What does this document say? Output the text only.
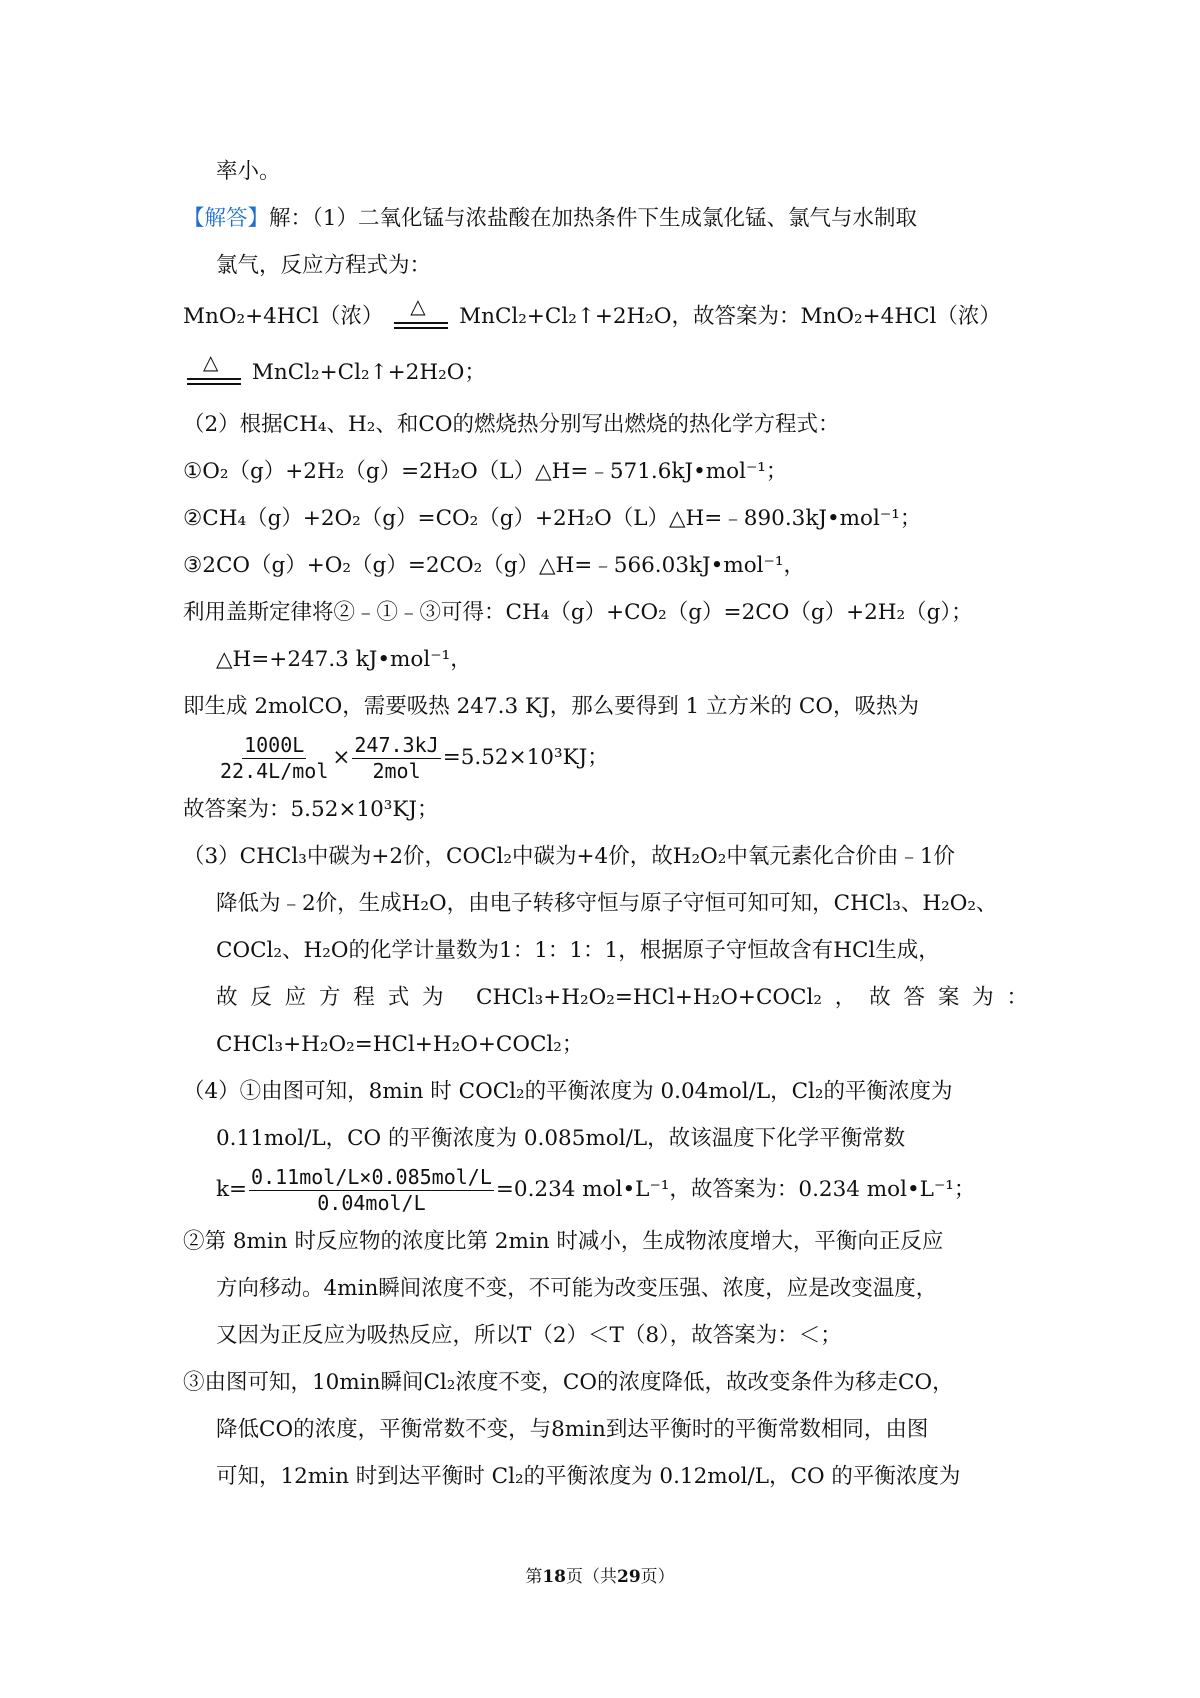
率小。
【解答】解：（1）二氧化锰与浓盐酸在加热条件下生成氯化锰、氯气与水制取
氯气，反应方程式为：
MnO₂+4HCl（浓） △ MnCl₂+Cl₂↑+2H₂O，故答案为：MnO₂+4HCl（浓）
△ MnCl₂+Cl₂↑+2H₂O；
（2）根据CH₄、H₂、和CO的燃烧热分别写出燃烧的热化学方程式：
①O₂（g）+2H₂（g）=2H₂O（L）△H=﹣571.6kJ•mol⁻¹；
②CH₄（g）+2O₂（g）=CO₂（g）+2H₂O（L）△H=﹣890.3kJ•mol⁻¹；
③2CO（g）+O₂（g）=2CO₂（g）△H=﹣566.03kJ•mol⁻¹，
利用盖斯定律将②﹣①﹣③可得：CH₄（g）+CO₂（g）=2CO（g）+2H₂（g）；
△H=+247.3 kJ•mol⁻¹，
即生成 2molCO，需要吸热 247.3 KJ，那么要得到 1 立方米的 CO，吸热为
$\frac{1000L}{\text{22.4L/mol}} \times \frac{247.3kJ}{\text{2mol}} =5.52\times 10^3KJ$；
故答案为：5.52×10³KJ；
（3）CHCl₃中碳为+2价，COCl₂中碳为+4价，故H₂O₂中氧元素化合价由﹣1价
降低为﹣2价，生成H₂O，由电子转移守恒与原子守恒可知可知，CHCl₃、H₂O₂、
COCl₂、H₂O的化学计量数为1：1：1：1，根据原子守恒故含有HCl生成，
故反应方程式为 CHCl₃+H₂O₂=HCl+H₂O+COCl₂，故答案为：
CHCl₃+H₂O₂=HCl+H₂O+COCl₂；
（4）①由图可知，8min 时 COCl₂的平衡浓度为 0.04mol/L，Cl₂的平衡浓度为
0.11mol/L，CO 的平衡浓度为 0.085mol/L，故该温度下化学平衡常数
$k= \frac{\text{0.11mol/L×0.085mol/L}}{\text{0.04mol/L}} =0.234$ mol•L⁻¹，故答案为：0.234 mol•L⁻¹；
②第 8min 时反应物的浓度比第 2min 时减小，生成物浓度增大，平衡向正反应
方向移动。4min瞬间浓度不变，不可能为改变压强、浓度，应是改变温度，
又因为正反应为吸热反应，所以T（2）＜T（8），故答案为：＜；
③由图可知，10min瞬间Cl₂浓度不变，CO的浓度降低，故改变条件为移走CO，
降低CO的浓度，平衡常数不变，与8min到达平衡时的平衡常数相同，由图
可知，12min 时到达平衡时 Cl₂的平衡浓度为 0.12mol/L，CO 的平衡浓度为
第18页（共29页）
